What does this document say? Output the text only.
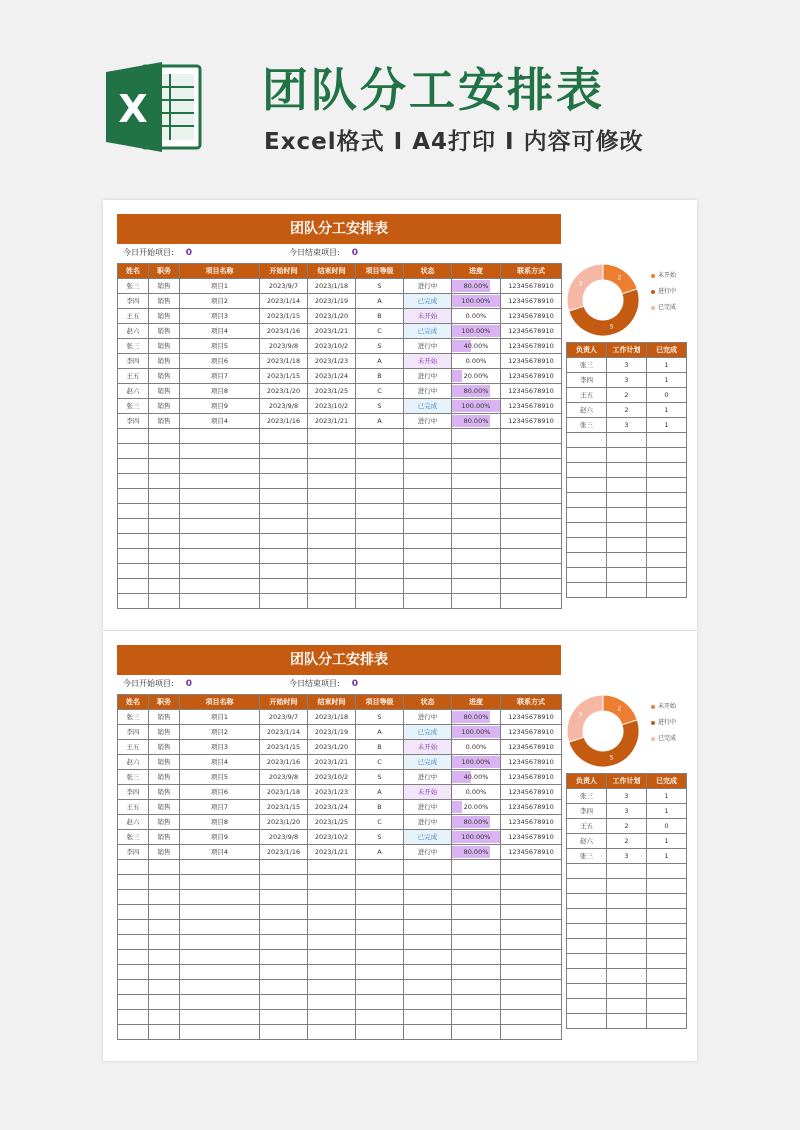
X 团队分工安排表
Excel格式 I A4打印 I 内容可修改
团队分工安排表
今日开始项目: 0	今日结束项目: 0
姓名	职务	项目名称	开始时间	结束时间	项目等级	状态	进度	联系方式
张三	销售	项目1	2023/9/7	2023/1/18	S	进行中	80.00%	12345678910
李四	销售	项目2	2023/1/14	2023/1/19	A	已完成	100.00%	12345678910
王五	销售	项目3	2023/1/15	2023/1/20	B	未开始	0.00%	12345678910
赵六	销售	项目4	2023/1/16	2023/1/21	C	已完成	100.00%	12345678910
张三	销售	项目5	2023/9/8	2023/10/2	S	进行中	40.00%	12345678910
李四	销售	项目6	2023/1/18	2023/1/23	A	未开始	0.00%	12345678910
王五	销售	项目7	2023/1/15	2023/1/24	B	进行中	20.00%	12345678910
赵六	销售	项目8	2023/1/20	2023/1/25	C	进行中	80.00%	12345678910
张三	销售	项目9	2023/9/8	2023/10/2	S	已完成	100.00%	12345678910
李四	销售	项目4	2023/1/16	2023/1/21	A	进行中	80.00%	12345678910

2
5
3
未开始
进行中
已完成
负责人	工作计划	已完成
张三	3	1
李四	3	1
王五	2	0
赵六	2	1
张三	3	1

团队分工安排表
今日开始项目: 0	今日结束项目: 0
姓名	职务	项目名称	开始时间	结束时间	项目等级	状态	进度	联系方式
张三	销售	项目1	2023/9/7	2023/1/18	S	进行中	80.00%	12345678910
李四	销售	项目2	2023/1/14	2023/1/19	A	已完成	100.00%	12345678910
王五	销售	项目3	2023/1/15	2023/1/20	B	未开始	0.00%	12345678910
赵六	销售	项目4	2023/1/16	2023/1/21	C	已完成	100.00%	12345678910
张三	销售	项目5	2023/9/8	2023/10/2	S	进行中	40.00%	12345678910
李四	销售	项目6	2023/1/18	2023/1/23	A	未开始	0.00%	12345678910
王五	销售	项目7	2023/1/15	2023/1/24	B	进行中	20.00%	12345678910
赵六	销售	项目8	2023/1/20	2023/1/25	C	进行中	80.00%	12345678910
张三	销售	项目9	2023/9/8	2023/10/2	S	已完成	100.00%	12345678910
李四	销售	项目4	2023/1/16	2023/1/21	A	进行中	80.00%	12345678910

2
5
3
未开始
进行中
已完成
负责人	工作计划	已完成
张三	3	1
李四	3	1
王五	2	0
赵六	2	1
张三	3	1
